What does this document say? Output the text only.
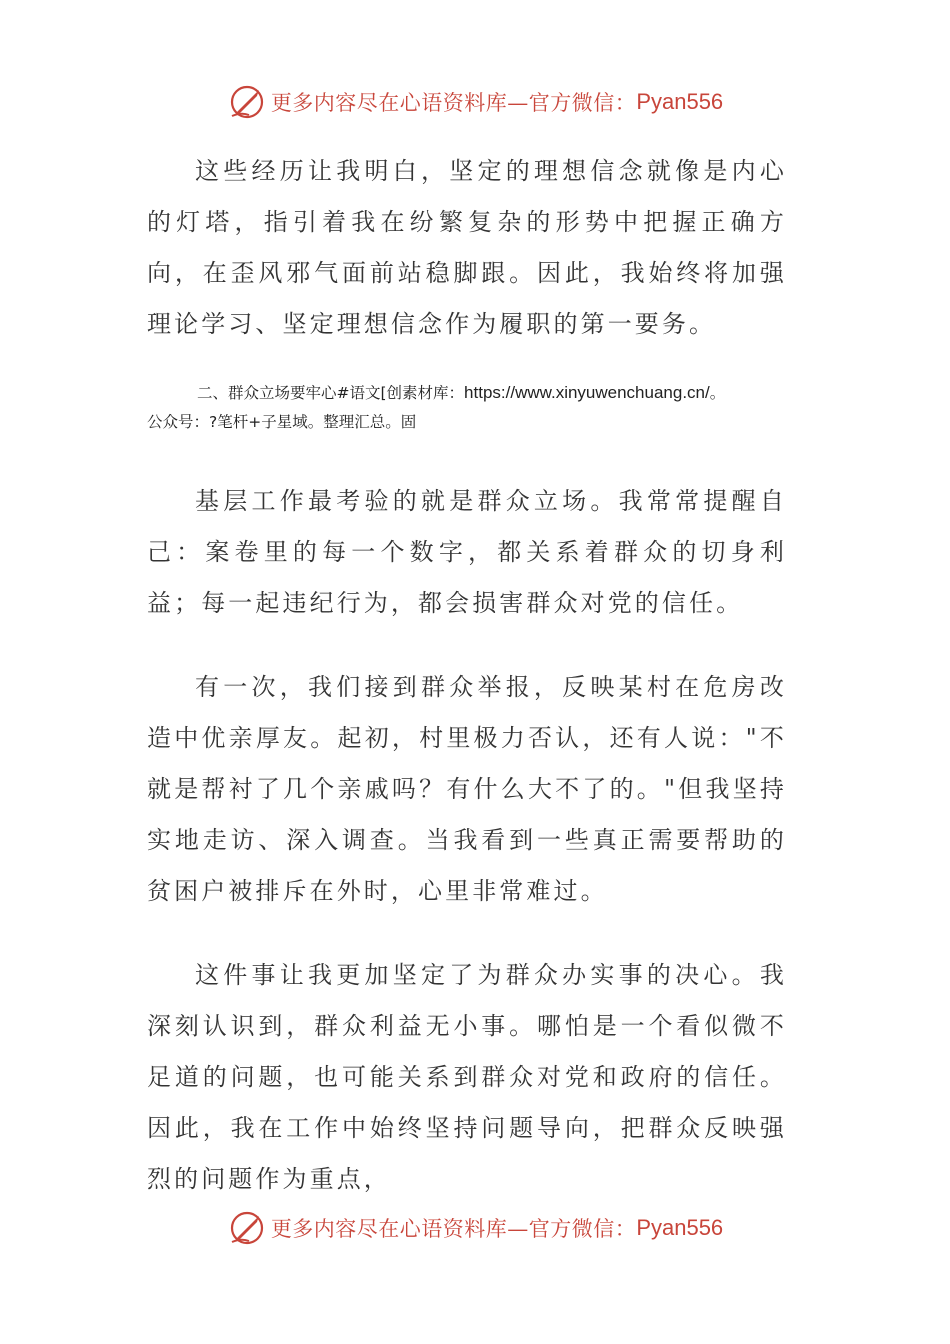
更多内容尽在心语资料库—官方微信： Pyan556

这些经历让我明白，坚定的理想信念就像是内心的灯塔，指引着我在纷繁复杂的形势中把握正确方向，在歪风邪气面前站稳脚跟。因此，我始终将加强理论学习、坚定理想信念作为履职的第一要务。

二、群众立场要牢心#语文[创素材库：https://www.xinyuwenchuang.cn/。
公众号：?笔杆+子星域。整理汇总。固

基层工作最考验的就是群众立场。我常常提醒自己：案卷里的每一个数字，都关系着群众的切身利益；每一起违纪行为，都会损害群众对党的信任。

有一次，我们接到群众举报，反映某村在危房改造中优亲厚友。起初，村里极力否认，还有人说："不就是帮衬了几个亲戚吗？有什么大不了的。"但我坚持实地走访、深入调查。当我看到一些真正需要帮助的贫困户被排斥在外时，心里非常难过。

这件事让我更加坚定了为群众办实事的决心。我深刻认识到，群众利益无小事。哪怕是一个看似微不足道的问题，也可能关系到群众对党和政府的信任。因此，我在工作中始终坚持问题导向，把群众反映强烈的问题作为重点，

更多内容尽在心语资料库—官方微信： Pyan556
